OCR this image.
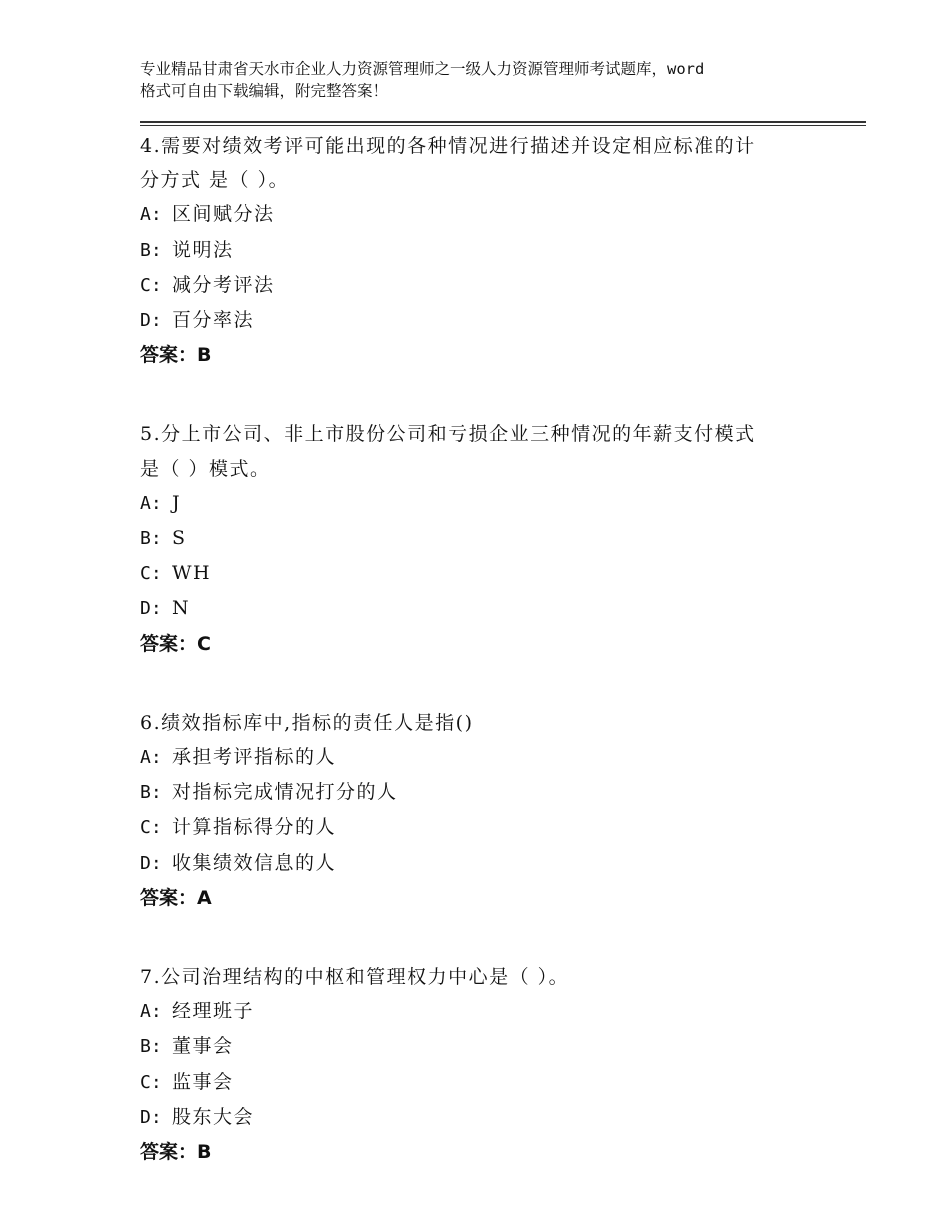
专业精品甘肃省天水市企业人力资源管理师之一级人力资源管理师考试题库，word
格式可自由下载编辑，附完整答案！
4.需要对绩效考评可能出现的各种情况进行描述并设定相应标准的计
分方式 是（ ）。
A: 区间赋分法
B: 说明法
C: 减分考评法
D: 百分率法
答案：B
5.分上市公司、非上市股份公司和亏损企业三种情况的年薪支付模式
是（ ）模式。
A: J
B: S
C: WH
D: N
答案：C
6.绩效指标库中,指标的责任人是指()
A: 承担考评指标的人
B: 对指标完成情况打分的人
C: 计算指标得分的人
D: 收集绩效信息的人
答案：A
7.公司治理结构的中枢和管理权力中心是（ ）。
A: 经理班子
B: 董事会
C: 监事会
D: 股东大会
答案：B
